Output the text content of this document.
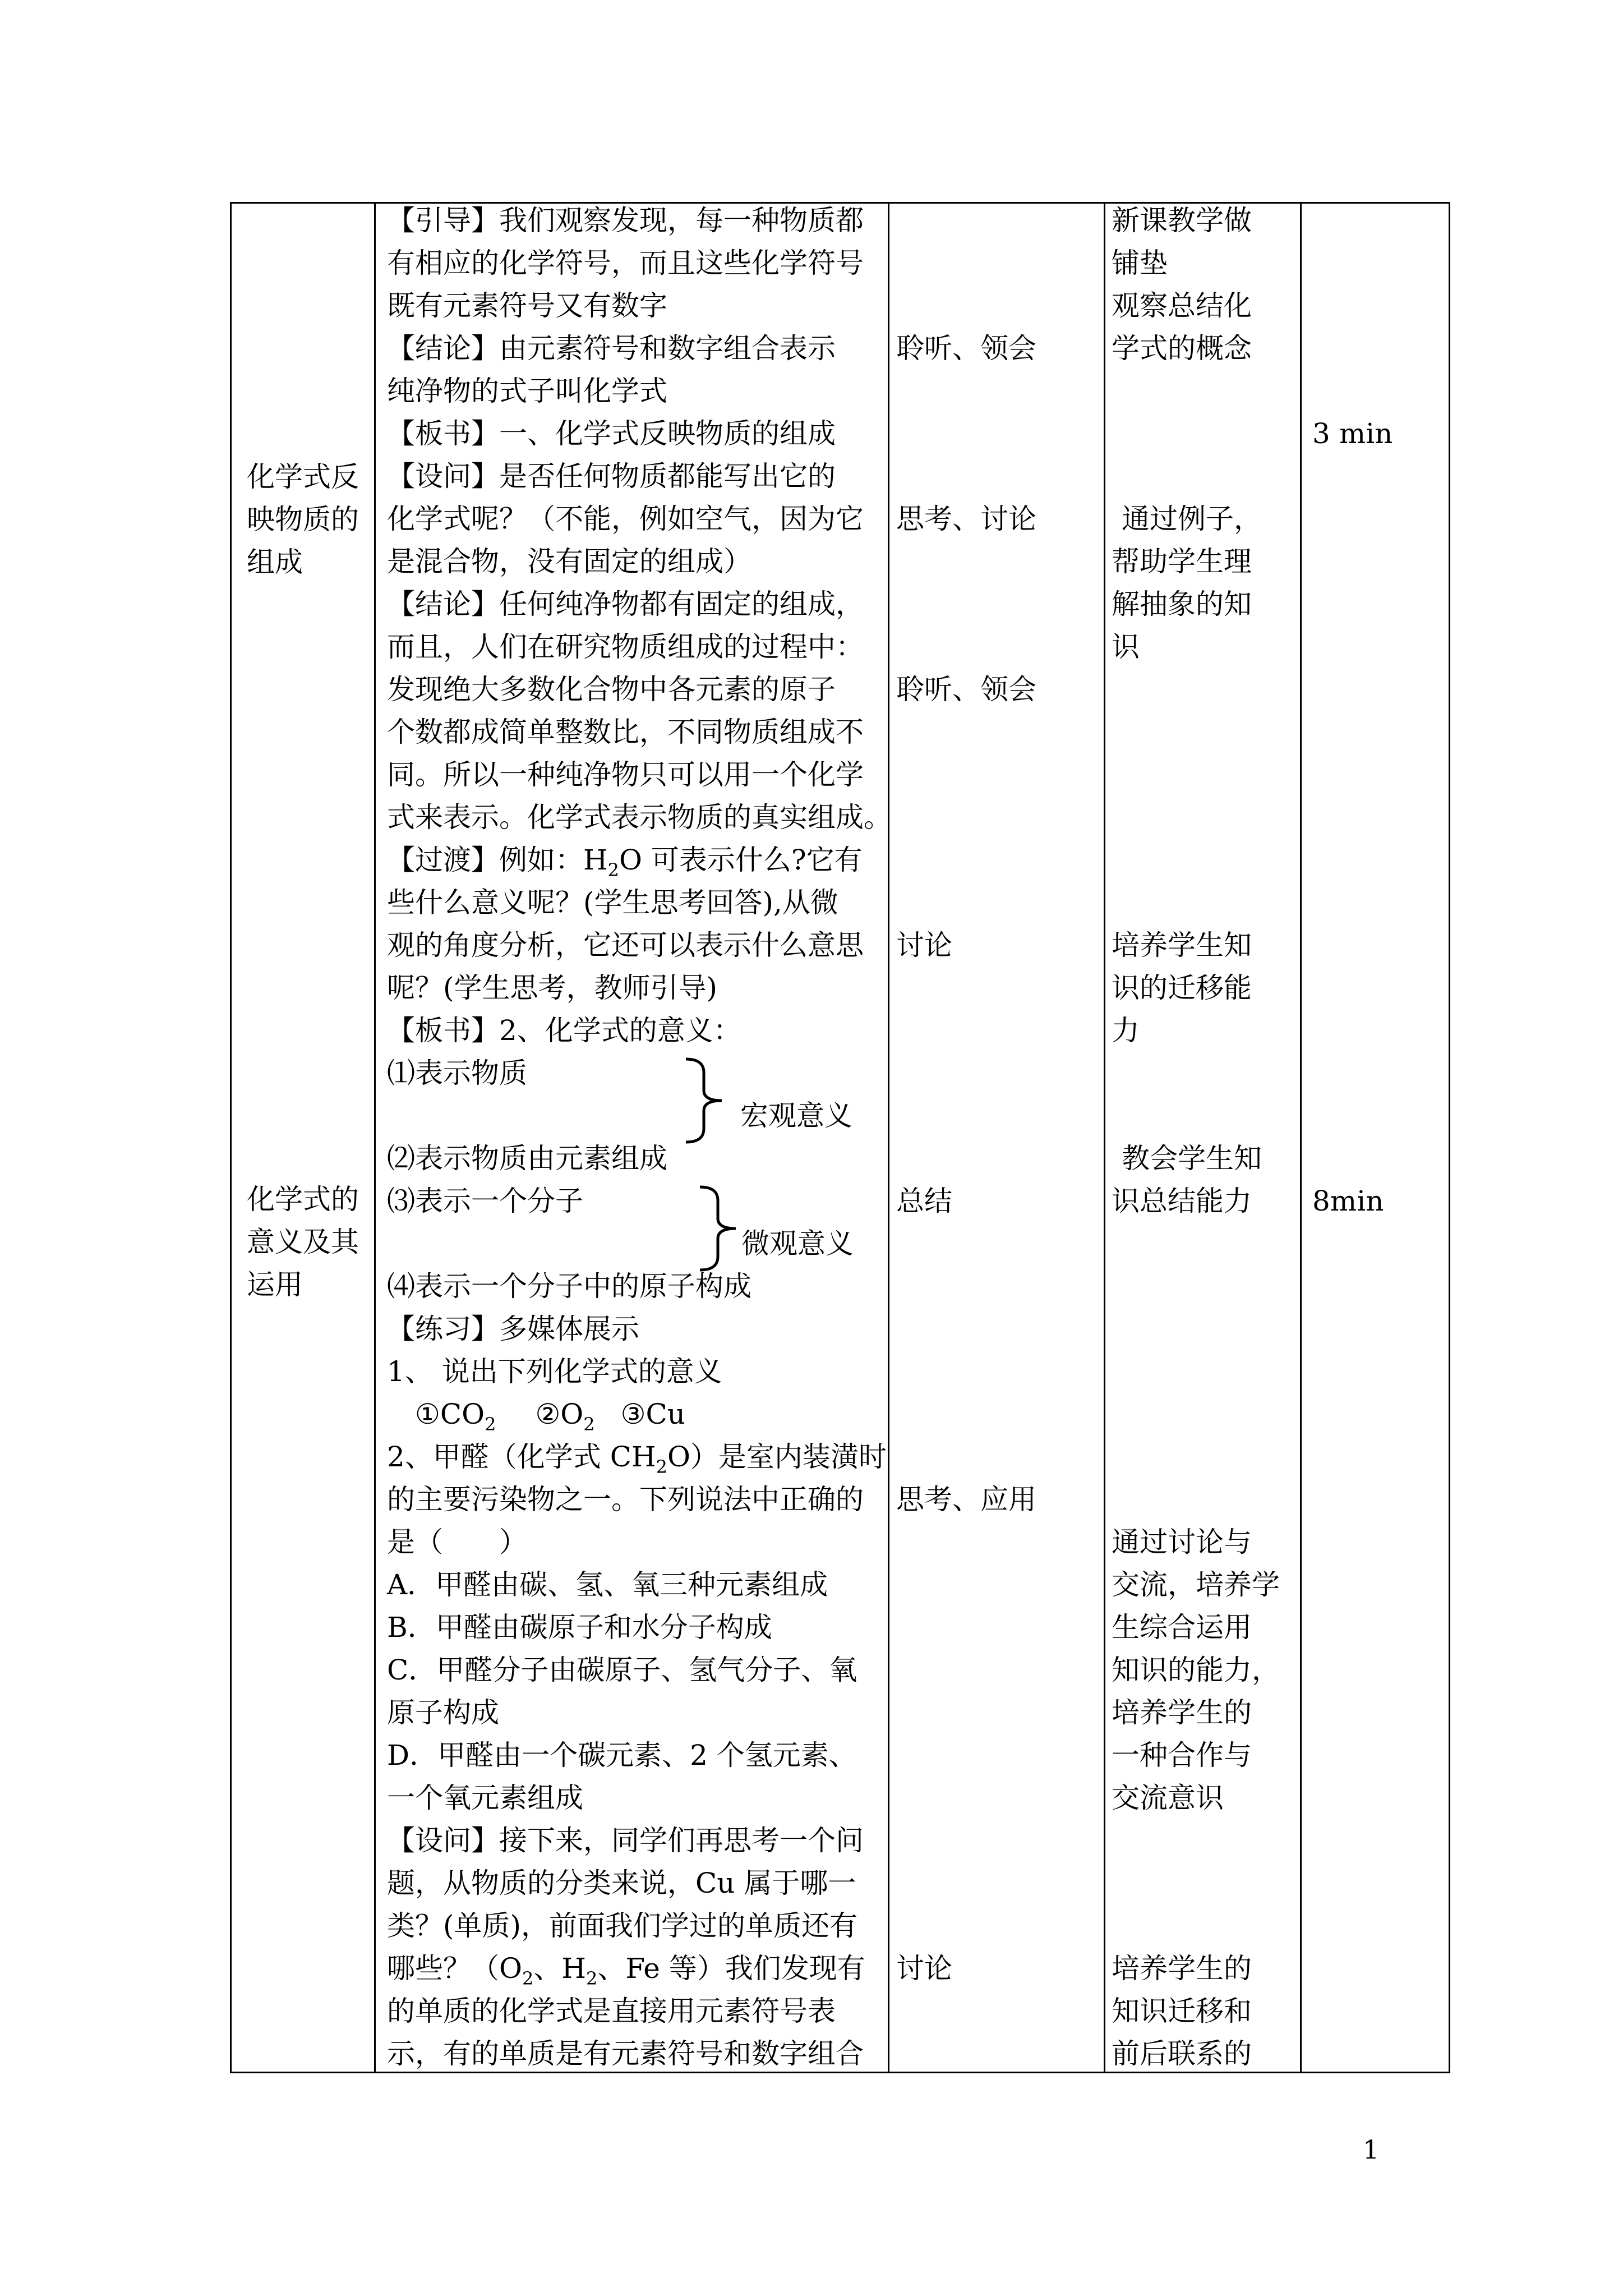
化学式反
映物质的
组成
化学式的
意义及其
运用
【引导】我们观察发现，每一种物质都
有相应的化学符号，而且这些化学符号
既有元素符号又有数字
【结论】由元素符号和数字组合表示
纯净物的式子叫化学式
【板书】一、化学式反映物质的组成
【设问】是否任何物质都能写出它的
化学式呢？（不能，例如空气，因为它
是混合物，没有固定的组成）
【结论】任何纯净物都有固定的组成，
而且，人们在研究物质组成的过程中：
发现绝大多数化合物中各元素的原子
个数都成简单整数比，不同物质组成不
同。所以一种纯净物只可以用一个化学
式来表示。化学式表示物质的真实组成。
【过渡】例如：$H_2O$ 可表示什么?它有
些什么意义呢？(学生思考回答),从微
观的角度分析，它还可以表示什么意思
呢？(学生思考，教师引导)
【板书】2、化学式的意义：
⑴表示物质
宏观意义
⑵表示物质由元素组成
⑶表示一个分子
微观意义
⑷表示一个分子中的原子构成
【练习】多媒体展示
1、 说出下列化学式的意义
$①CO_2$ $②O_2$ ③Cu
2、甲醛（化学式 $CH_2O$）是室内装潢时
的主要污染物之一。下列说法中正确的
是（　　）
A．甲醛由碳、氢、氧三种元素组成
B．甲醛由碳原子和水分子构成
C．甲醛分子由碳原子、氢气分子、氧
原子构成
D．甲醛由一个碳元素、2 个氢元素、
一个氧元素组成
【设问】接下来，同学们再思考一个问
题，从物质的分类来说，Cu 属于哪一
类？(单质)，前面我们学过的单质还有
哪些？（$O_2$、$H_2$、Fe 等）我们发现有
的单质的化学式是直接用元素符号表
示，有的单质是有元素符号和数字组合
聆听、领会
思考、讨论
聆听、领会
讨论
总结
思考、应用
讨论
新课教学做
铺垫
观察总结化
学式的概念
通过例子，
帮助学生理
解抽象的知
识
培养学生知
识的迁移能
力
教会学生知
识总结能力
通过讨论与
交流，培养学
生综合运用
知识的能力，
培养学生的
一种合作与
交流意识
培养学生的
知识迁移和
前后联系的
3 min
8min
1
